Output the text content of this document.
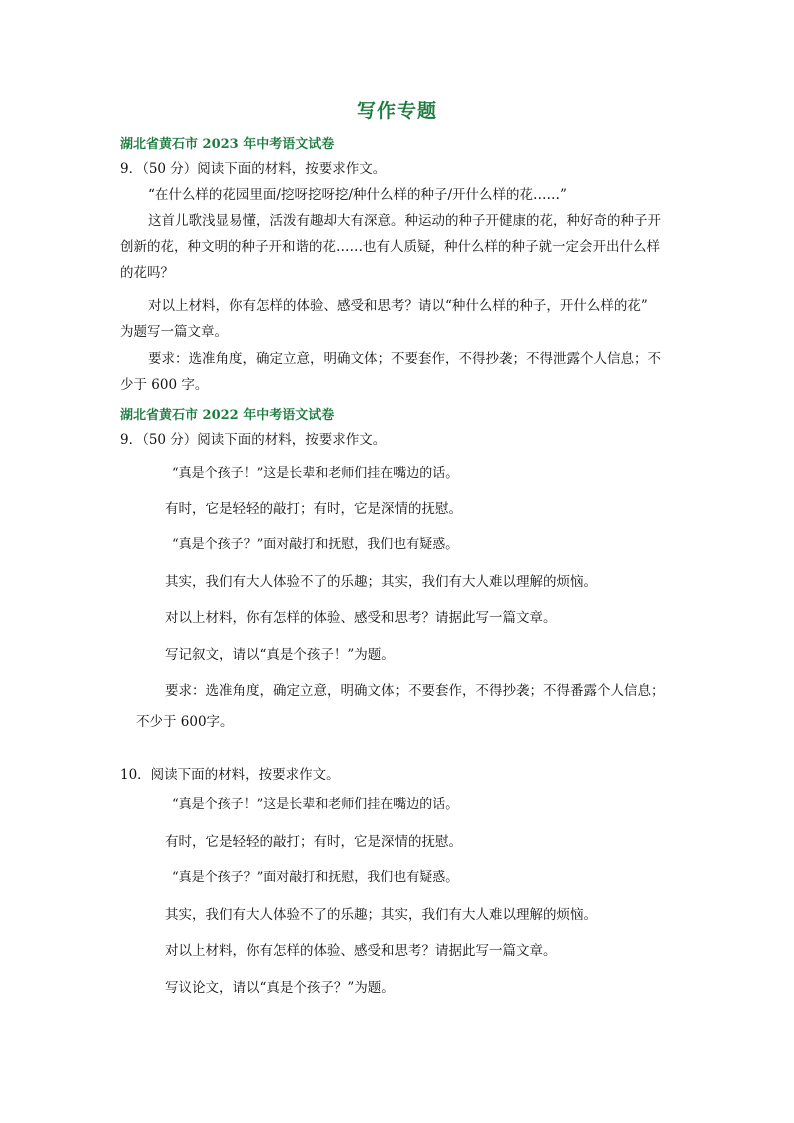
写作专题
湖北省黄石市 2023 年中考语文试卷
9．（50 分）阅读下面的材料，按要求作文。
“在什么样的花园里面/挖呀挖呀挖/种什么样的种子/开什么样的花……”
这首儿歌浅显易懂，活泼有趣却大有深意。种运动的种子开健康的花，种好奇的种子开
创新的花，种文明的种子开和谐的花……也有人质疑，种什么样的种子就一定会开出什么样
的花吗？
对以上材料，你有怎样的体验、感受和思考？请以“种什么样的种子，开什么样的花”
为题写一篇文章。
要求：选准角度，确定立意，明确文体；不要套作，不得抄袭；不得泄露个人信息；不
少于 600 字。
湖北省黄石市 2022 年中考语文试卷
9．（50 分）阅读下面的材料，按要求作文。
“真是个孩子！”这是长辈和老师们挂在嘴边的话。
有时，它是轻轻的敲打；有时，它是深情的抚慰。
“真是个孩子？”面对敲打和抚慰，我们也有疑惑。
其实，我们有大人体验不了的乐趣；其实，我们有大人难以理解的烦恼。
对以上材料，你有怎样的体验、感受和思考？请据此写一篇文章。
写记叙文，请以“真是个孩子！”为题。
要求：选准角度，确定立意，明确文体；不要套作，不得抄袭；不得番露个人信息；
不少于 600字。
10．阅读下面的材料，按要求作文。
“真是个孩子！”这是长辈和老师们挂在嘴边的话。
有时，它是轻轻的敲打；有时，它是深情的抚慰。
“真是个孩子？”面对敲打和抚慰，我们也有疑惑。
其实，我们有大人体验不了的乐趣；其实，我们有大人难以理解的烦恼。
对以上材料，你有怎样的体验、感受和思考？请据此写一篇文章。
写议论文，请以“真是个孩子？”为题。
